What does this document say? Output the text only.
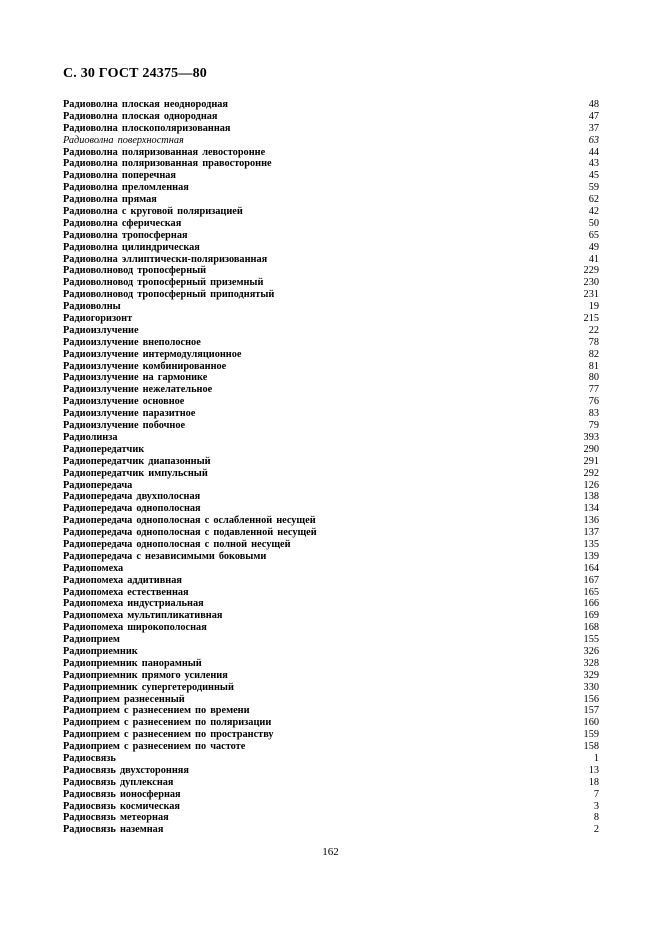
С. 30 ГОСТ 24375—80
Радиоволна плоская неоднородная	48
Радиоволна плоская однородная	47
Радиоволна плоскополяризованная	37
Радиоволна поверхностная	63
Радиоволна поляризованная левосторонне	44
Радиоволна поляризованная правосторонне	43
Радиоволна поперечная	45
Радиоволна преломленная	59
Радиоволна прямая	62
Радиоволна с круговой поляризацией	42
Радиоволна сферическая	50
Радиоволна тропосферная	65
Радиоволна цилиндрическая	49
Радиоволна эллиптически-поляризованная	41
Радиоволновод тропосферный	229
Радиоволновод тропосферный приземный	230
Радиоволновод тропосферный приподнятый	231
Радиоволны	19
Радиогоризонт	215
Радиоизлучение	22
Радиоизлучение внеполосное	78
Радиоизлучение интермодуляционное	82
Радиоизлучение комбинированное	81
Радиоизлучение на гармонике	80
Радиоизлучение нежелательное	77
Радиоизлучение основное	76
Радиоизлучение паразитное	83
Радиоизлучение побочное	79
Радиолинза	393
Радиопередатчик	290
Радиопередатчик диапазонный	291
Радиопередатчик импульсный	292
Радиопередача	126
Радиопередача двухполосная	138
Радиопередача однополосная	134
Радиопередача однополосная с ослабленной несущей	136
Радиопередача однополосная с подавленной несущей	137
Радиопередача однополосная с полной несущей	135
Радиопередача с независимыми боковыми	139
Радиопомеха	164
Радиопомеха аддитивная	167
Радиопомеха естественная	165
Радиопомеха индустриальная	166
Радиопомеха мультипликативная	169
Радиопомеха широкополосная	168
Радиоприем	155
Радиоприемник	326
Радиоприемник панорамный	328
Радиоприемник прямого усиления	329
Радиоприемник супергетеродинный	330
Радиоприем разнесенный	156
Радиоприем с разнесением по времени	157
Радиоприем с разнесением по поляризации	160
Радиоприем с разнесением по пространству	159
Радиоприем с разнесением по частоте	158
Радиосвязь	1
Радиосвязь двухсторонняя	13
Радиосвязь дуплексная	18
Радиосвязь ионосферная	7
Радиосвязь космическая	3
Радиосвязь метеорная	8
Радиосвязь наземная	2
162
